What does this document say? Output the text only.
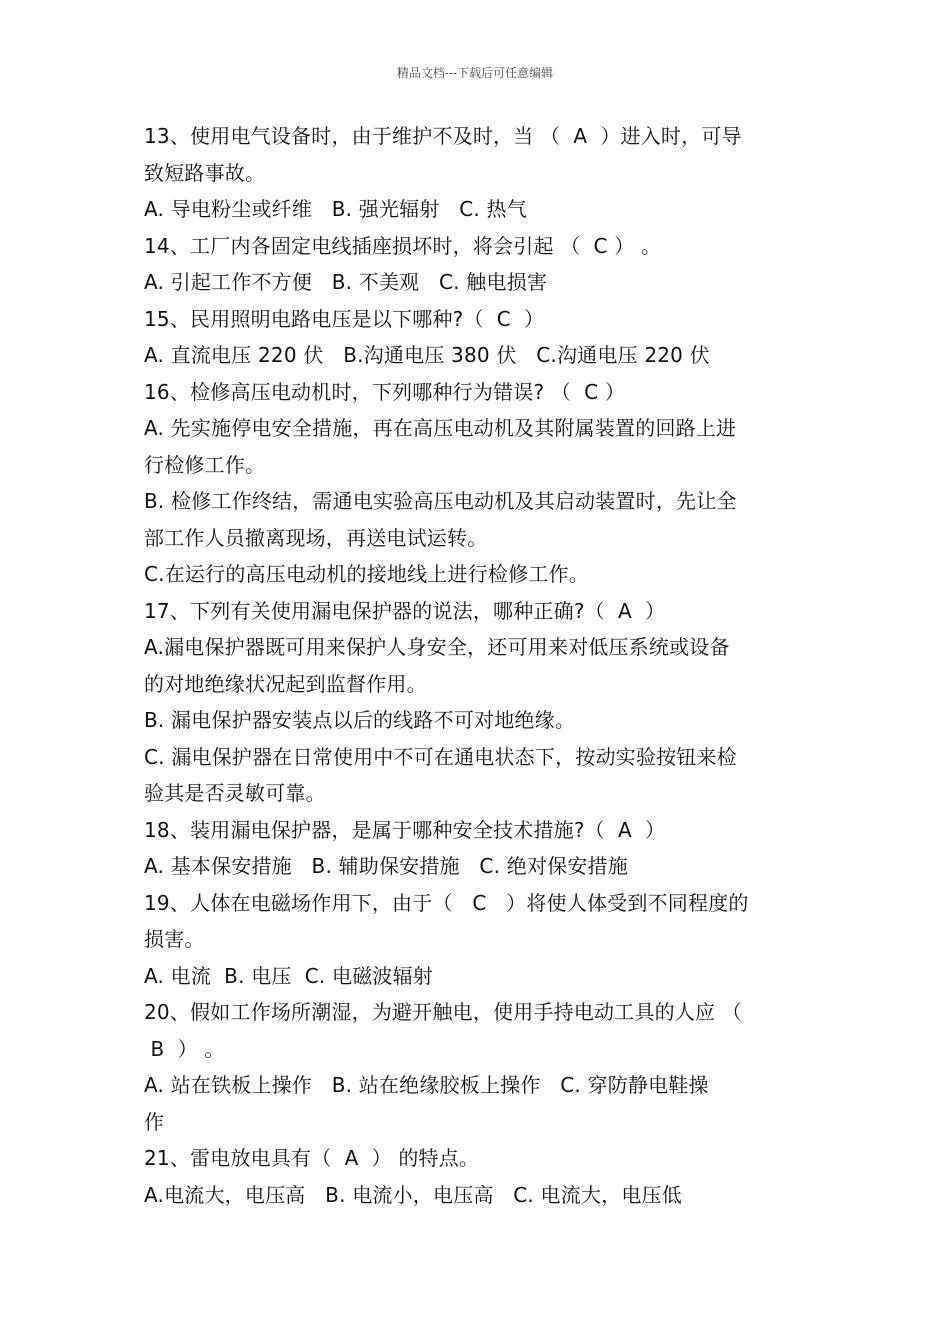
精品文档---下载后可任意编辑
13、使用电气设备时，由于维护不及时，当 （  A  ）进入时，可导
致短路事故。
A. 导电粉尘或纤维   B. 强光辐射   C. 热气
14、工厂内各固定电线插座损坏时，将会引起 （  C ） 。
A. 引起工作不方便   B. 不美观   C. 触电损害
15、民用照明电路电压是以下哪种?（  C  ）
A. 直流电压 220 伏   B.沟通电压 380 伏   C.沟通电压 220 伏
16、检修高压电动机时，下列哪种行为错误? （  C ）
A. 先实施停电安全措施，再在高压电动机及其附属装置的回路上进
行检修工作。
B. 检修工作终结，需通电实验高压电动机及其启动装置时，先让全
部工作人员撤离现场，再送电试运转。
C.在运行的高压电动机的接地线上进行检修工作。
17、下列有关使用漏电保护器的说法，哪种正确?（  A  ）
A.漏电保护器既可用来保护人身安全，还可用来对低压系统或设备
的对地绝缘状况起到监督作用。
B. 漏电保护器安装点以后的线路不可对地绝缘。
C. 漏电保护器在日常使用中不可在通电状态下，按动实验按钮来检
验其是否灵敏可靠。
18、装用漏电保护器，是属于哪种安全技术措施?（  A  ）
A. 基本保安措施   B. 辅助保安措施   C. 绝对保安措施
19、人体在电磁场作用下，由于（   C   ）将使人体受到不同程度的
损害。
A. 电流  B. 电压  C. 电磁波辐射
20、假如工作场所潮湿，为避开触电，使用手持电动工具的人应 （
B  ） 。
A. 站在铁板上操作   B. 站在绝缘胶板上操作   C. 穿防静电鞋操
作
21、雷电放电具有（  A  ） 的特点。
A.电流大，电压高   B. 电流小，电压高   C. 电流大，电压低
